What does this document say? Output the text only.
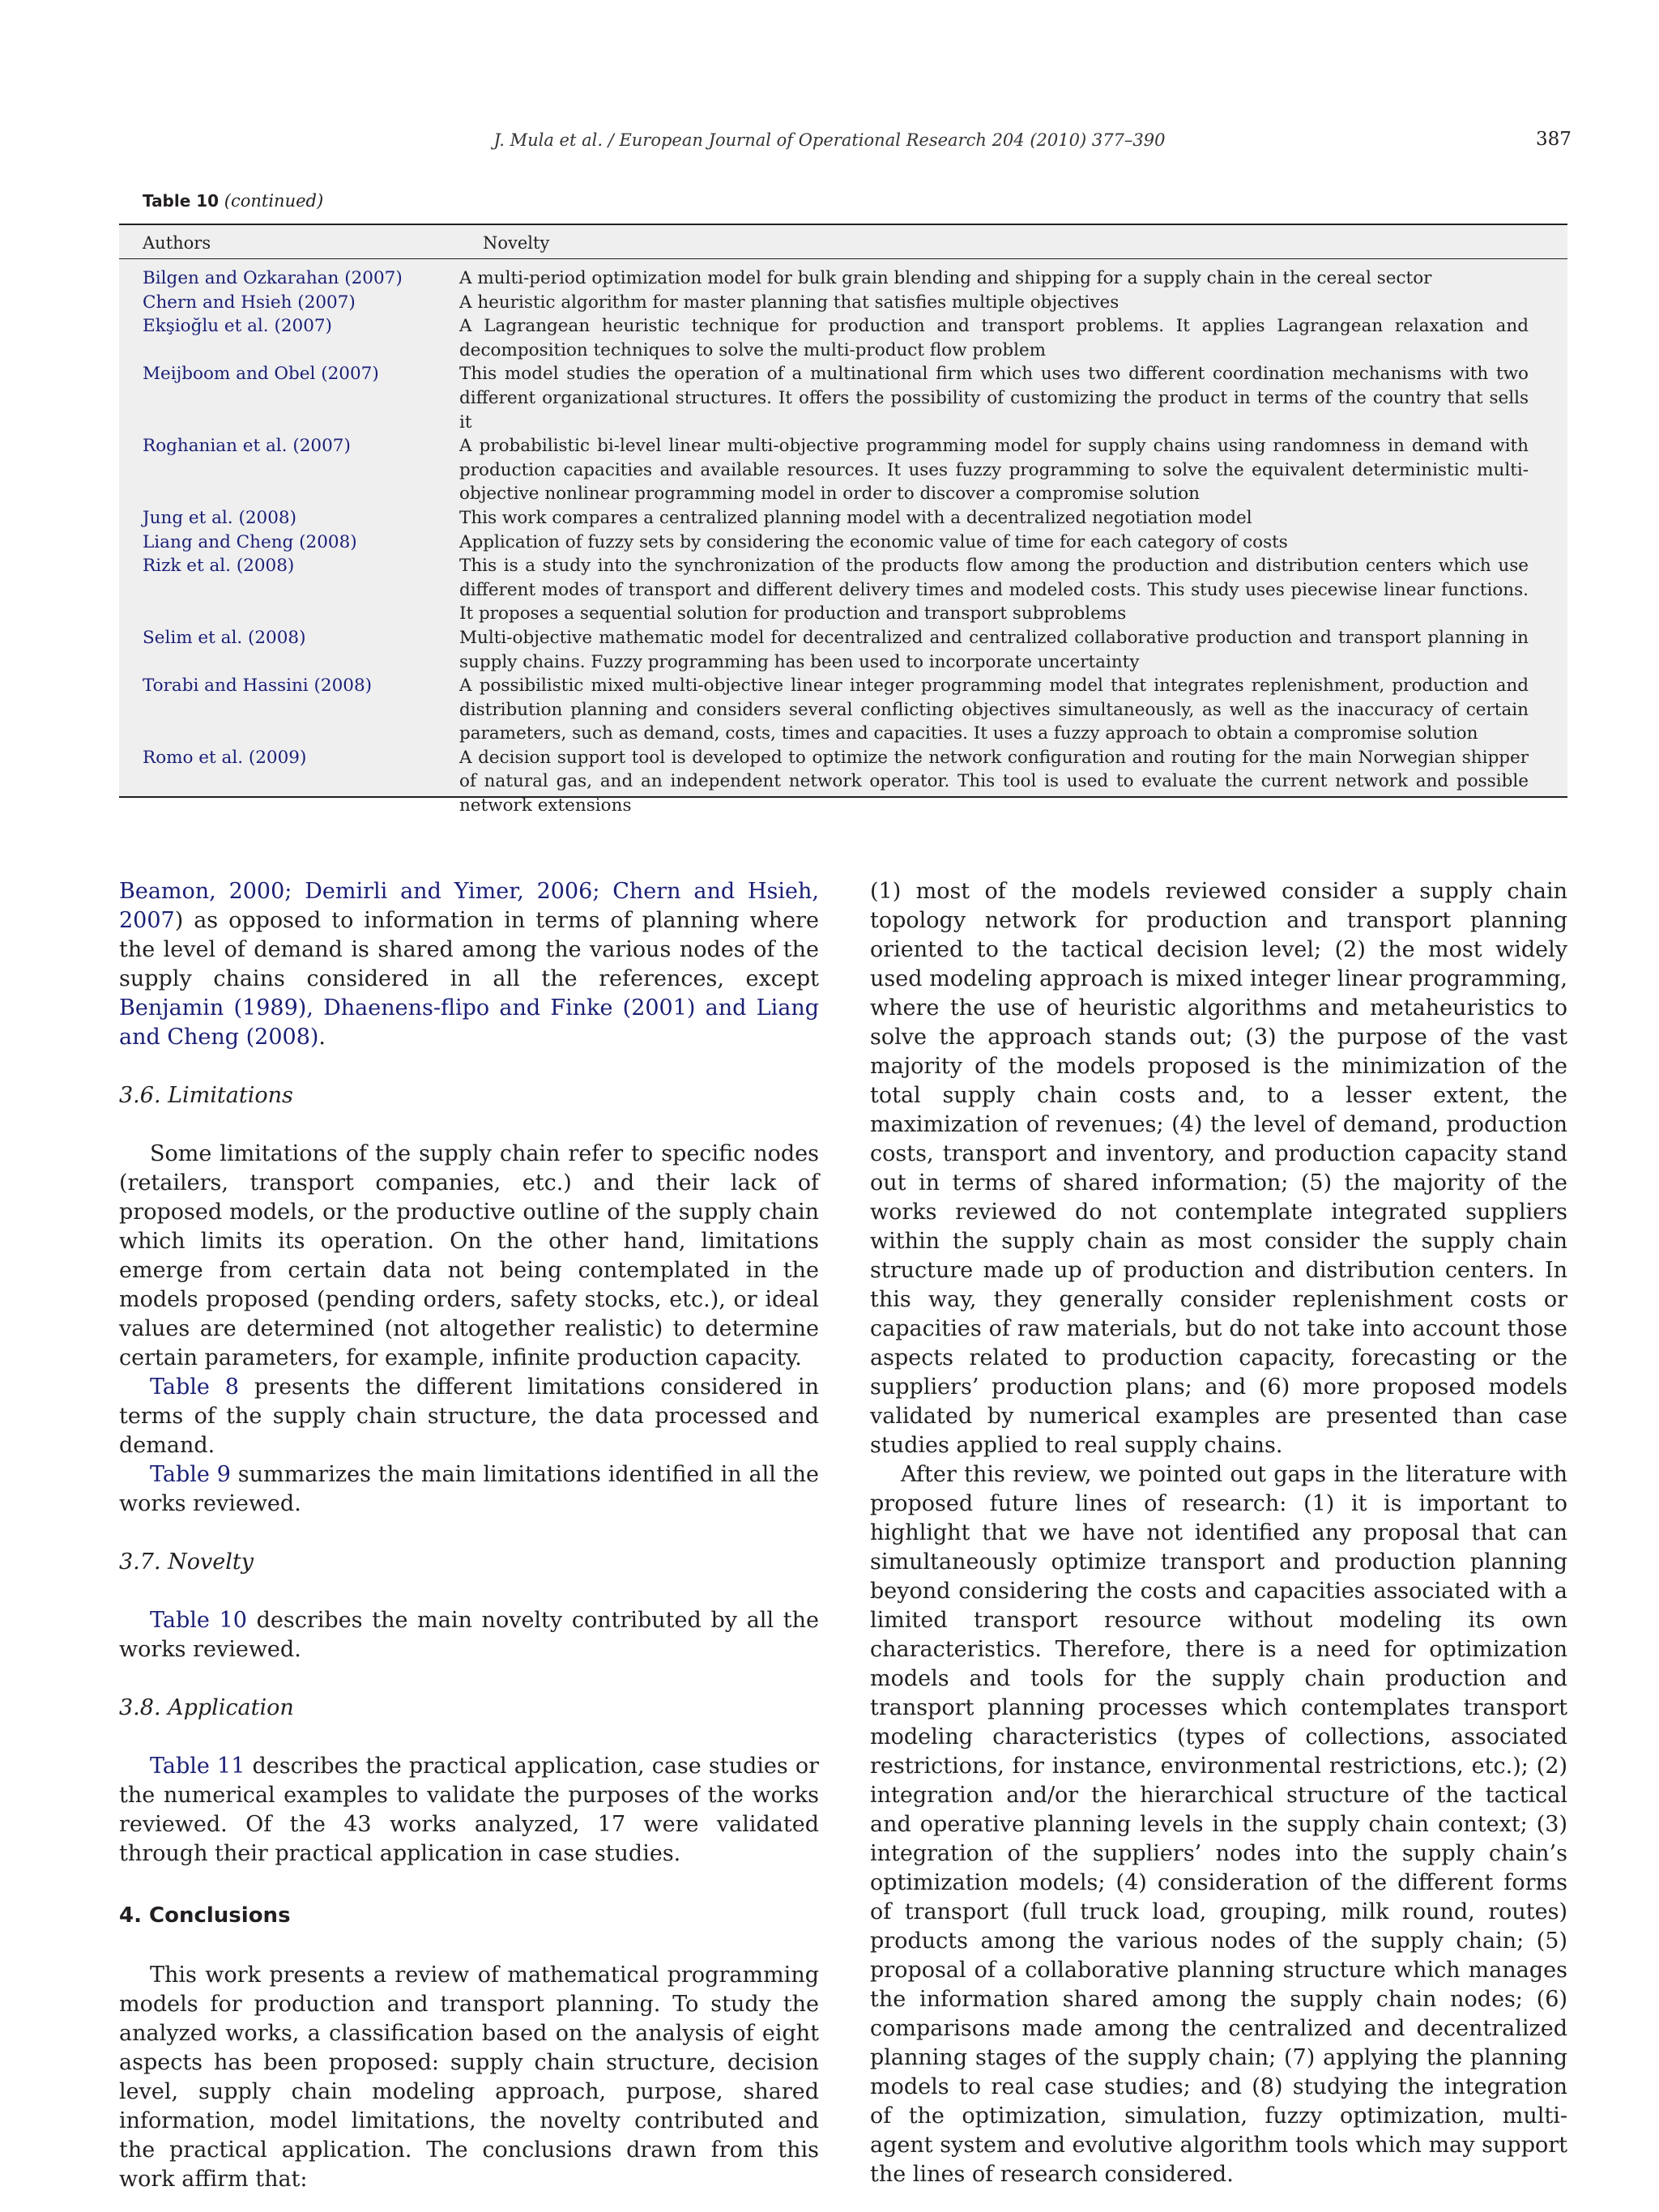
J. Mula et al. / European Journal of Operational Research 204 (2010) 377–390	387
Table 10 (continued)
Authors	Novelty
Bilgen and Ozkarahan (2007)	A multi-period optimization model for bulk grain blending and shipping for a supply chain in the cereal sector
Chern and Hsieh (2007)	A heuristic algorithm for master planning that satisfies multiple objectives
Ekşioğlu et al. (2007)	A Lagrangean heuristic technique for production and transport problems. It applies Lagrangean relaxation and decomposition techniques to solve the multi-product flow problem
Meijboom and Obel (2007)	This model studies the operation of a multinational firm which uses two different coordination mechanisms with two different organizational structures. It offers the possibility of customizing the product in terms of the country that sells it
Roghanian et al. (2007)	A probabilistic bi-level linear multi-objective programming model for supply chains using randomness in demand with production capacities and available resources. It uses fuzzy programming to solve the equivalent deterministic multi-objective nonlinear programming model in order to discover a compromise solution
Jung et al. (2008)	This work compares a centralized planning model with a decentralized negotiation model
Liang and Cheng (2008)	Application of fuzzy sets by considering the economic value of time for each category of costs
Rizk et al. (2008)	This is a study into the synchronization of the products flow among the production and distribution centers which use different modes of transport and different delivery times and modeled costs. This study uses piecewise linear functions. It proposes a sequential solution for production and transport subproblems
Selim et al. (2008)	Multi-objective mathematic model for decentralized and centralized collaborative production and transport planning in supply chains. Fuzzy programming has been used to incorporate uncertainty
Torabi and Hassini (2008)	A possibilistic mixed multi-objective linear integer programming model that integrates replenishment, production and distribution planning and considers several conflicting objectives simultaneously, as well as the inaccuracy of certain parameters, such as demand, costs, times and capacities. It uses a fuzzy approach to obtain a compromise solution
Romo et al. (2009)	A decision support tool is developed to optimize the network configuration and routing for the main Norwegian shipper of natural gas, and an independent network operator. This tool is used to evaluate the current network and possible network extensions

Beamon, 2000; Demirli and Yimer, 2006; Chern and Hsieh, 2007) as opposed to information in terms of planning where the level of demand is shared among the various nodes of the supply chains considered in all the references, except Benjamin (1989), Dhaenens-flipo and Finke (2001) and Liang and Cheng (2008).

3.6. Limitations

Some limitations of the supply chain refer to specific nodes (retailers, transport companies, etc.) and their lack of proposed models, or the productive outline of the supply chain which limits its operation. On the other hand, limitations emerge from certain data not being contemplated in the models proposed (pending orders, safety stocks, etc.), or ideal values are determined (not altogether realistic) to determine certain parameters, for example, infinite production capacity.

Table 8 presents the different limitations considered in terms of the supply chain structure, the data processed and demand.

Table 9 summarizes the main limitations identified in all the works reviewed.

3.7. Novelty

Table 10 describes the main novelty contributed by all the works reviewed.

3.8. Application

Table 11 describes the practical application, case studies or the numerical examples to validate the purposes of the works reviewed. Of the 43 works analyzed, 17 were validated through their practical application in case studies.

4. Conclusions

This work presents a review of mathematical programming models for production and transport planning. To study the analyzed works, a classification based on the analysis of eight aspects has been proposed: supply chain structure, decision level, supply chain modeling approach, purpose, shared information, model limitations, the novelty contributed and the practical application. The conclusions drawn from this work affirm that:

(1) most of the models reviewed consider a supply chain topology network for production and transport planning oriented to the tactical decision level; (2) the most widely used modeling approach is mixed integer linear programming, where the use of heuristic algorithms and metaheuristics to solve the approach stands out; (3) the purpose of the vast majority of the models proposed is the minimization of the total supply chain costs and, to a lesser extent, the maximization of revenues; (4) the level of demand, production costs, transport and inventory, and production capacity stand out in terms of shared information; (5) the majority of the works reviewed do not contemplate integrated suppliers within the supply chain as most consider the supply chain structure made up of production and distribution centers. In this way, they generally consider replenishment costs or capacities of raw materials, but do not take into account those aspects related to production capacity, forecasting or the suppliers’ production plans; and (6) more proposed models validated by numerical examples are presented than case studies applied to real supply chains.

After this review, we pointed out gaps in the literature with proposed future lines of research: (1) it is important to highlight that we have not identified any proposal that can simultaneously optimize transport and production planning beyond considering the costs and capacities associated with a limited transport resource without modeling its own characteristics. Therefore, there is a need for optimization models and tools for the supply chain production and transport planning processes which contemplates transport modeling characteristics (types of collections, associated restrictions, for instance, environmental restrictions, etc.); (2) integration and/or the hierarchical structure of the tactical and operative planning levels in the supply chain context; (3) integration of the suppliers’ nodes into the supply chain’s optimization models; (4) consideration of the different forms of transport (full truck load, grouping, milk round, routes) products among the various nodes of the supply chain; (5) proposal of a collaborative planning structure which manages the information shared among the supply chain nodes; (6) comparisons made among the centralized and decentralized planning stages of the supply chain; (7) applying the planning models to real case studies; and (8) studying the integration of the optimization, simulation, fuzzy optimization, multi-agent system and evolutive algorithm tools which may support the lines of research considered.
